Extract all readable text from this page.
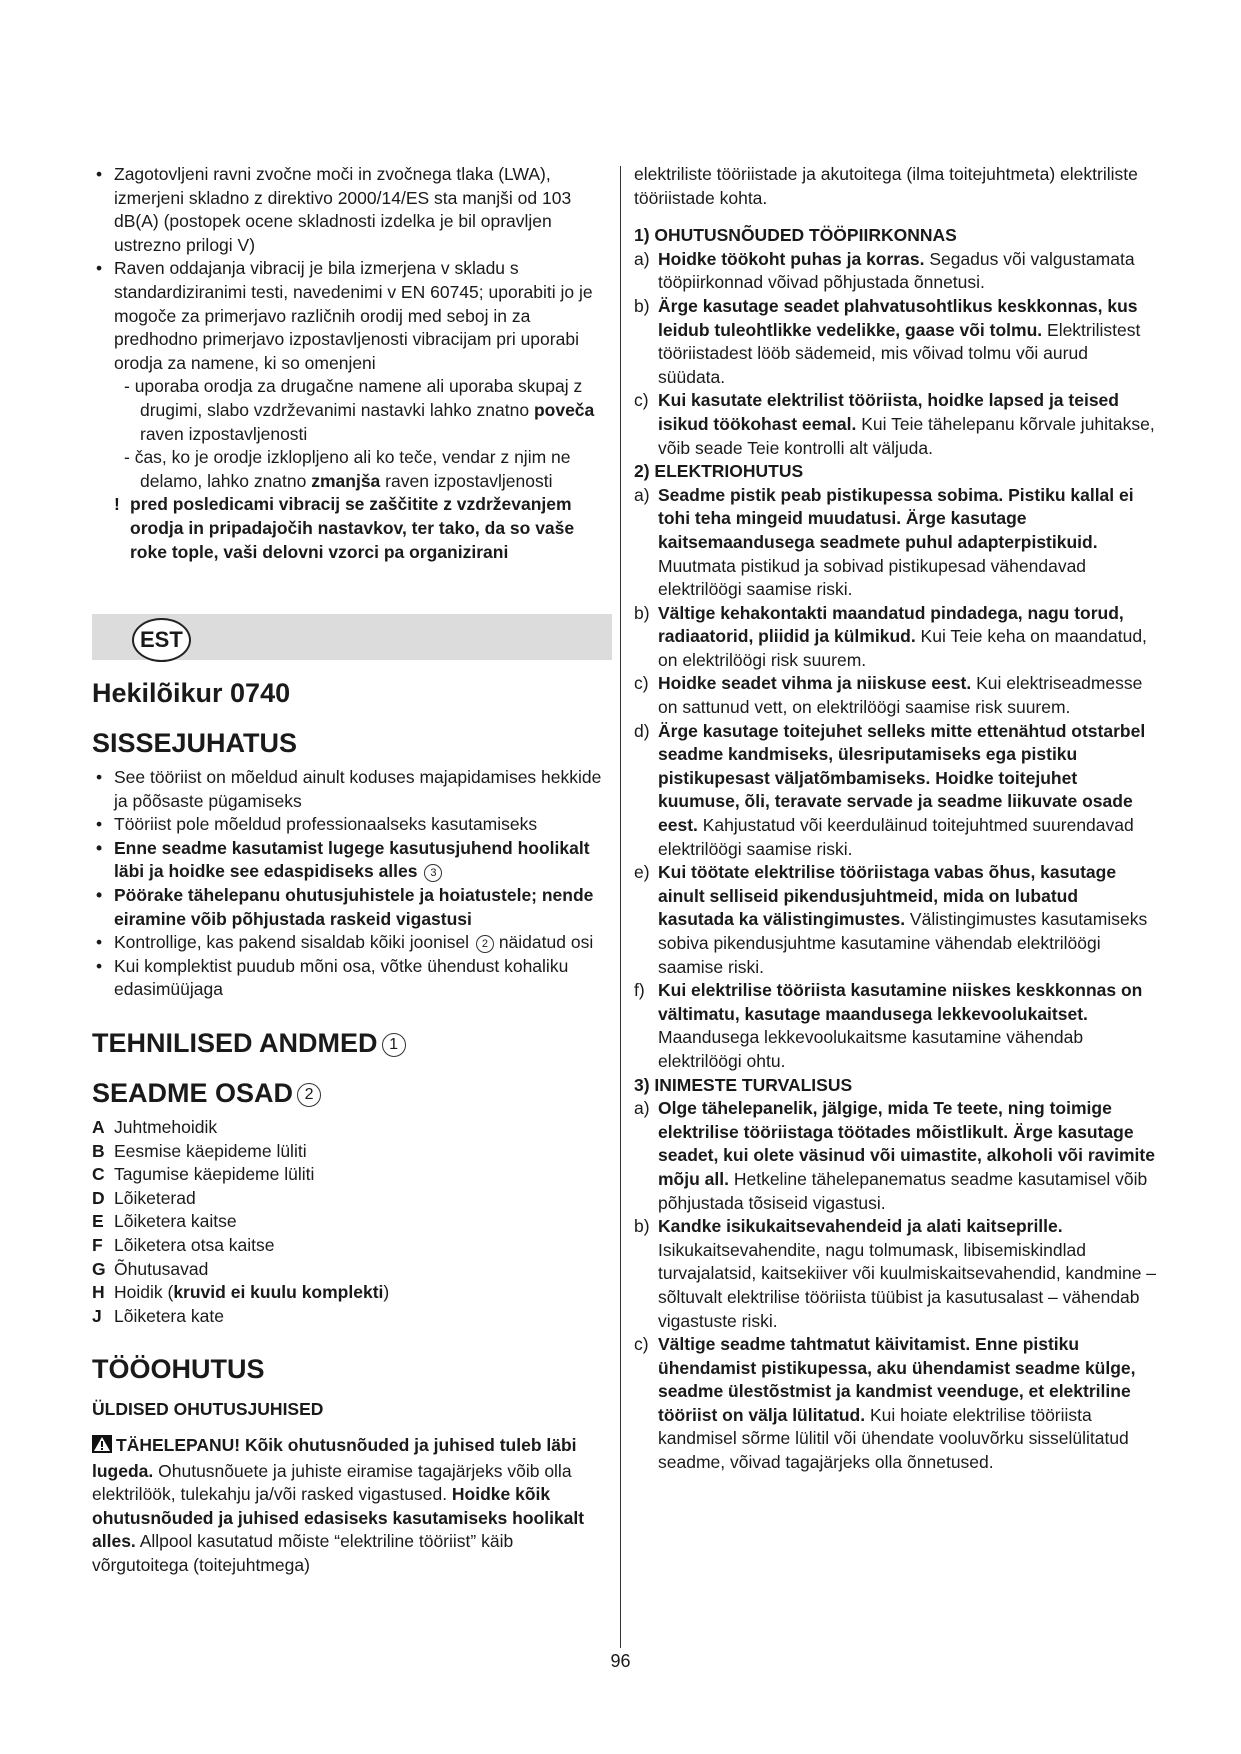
• Zagotovljeni ravni zvočne moči in zvočnega tlaka (LWA), izmerjeni skladno z direktivo 2000/14/ES sta manjši od 103 dB(A) (postopek ocene skladnosti izdelka je bil opravljen ustrezno prilogi V)
• Raven oddajanja vibracij je bila izmerjena v skladu s standardiziranimi testi, navedenimi v EN 60745; uporabiti jo je mogoče za primerjavo različnih orodij med seboj in za predhodno primerjavo izpostavljenosti vibracijam pri uporabi orodja za namene, ki so omenjeni
- uporaba orodja za drugačne namene ali uporaba skupaj z drugimi, slabo vzdrževanimi nastavki lahko znatno poveča raven izpostavljenosti
- čas, ko je orodje izklopljeno ali ko teče, vendar z njim ne delamo, lahko znatno zmanjša raven izpostavljenosti
! pred posledicami vibracij se zaščitite z vzdrževanjem orodja in pripadajočih nastavkov, ter tako, da so vaše roke tople, vaši delovni vzorci pa organizirani
EST
Hekilõikur 0740
SISSEJUHATUS
• See tööriist on mõeldud ainult koduses majapidamises hekkide ja põõsaste pügamiseks
• Tööriist pole mõeldud professionaalseks kasutamiseks
• Enne seadme kasutamist lugege kasutusjuhend hoolikalt läbi ja hoidke see edaspidiseks alles 3
• Pöörake tähelepanu ohutusjuhistele ja hoiatustele; nende eiramine võib põhjustada raskeid vigastusi
• Kontrollige, kas pakend sisaldab kõiki joonisel 2 näidatud osi
• Kui komplektist puudub mõni osa, võtke ühendust kohaliku edasimüüjaga
TEHNILISED ANDMED 1
SEADME OSAD 2
A Juhtmehoidik
B Eesmise käepideme lüliti
C Tagumise käepideme lüliti
D Lõiketerad
E Lõiketera kaitse
F Lõiketera otsa kaitse
G Õhutusavad
H Hoidik (kruvid ei kuulu komplekti)
J Lõiketera kate
TÖÖOHUTUS
ÜLDISED OHUTUSJUHISED
TÄHELEPANU! Kõik ohutusnõuded ja juhised tuleb läbi lugeda. Ohutusnõuete ja juhiste eiramise tagajärjeks võib olla elektrilöök, tulekahju ja/või rasked vigastused. Hoidke kõik ohutusnõuded ja juhised edasiseks kasutamiseks hoolikalt alles. Allpool kasutatud mõiste “elektriline tööriist” käib võrgutoitega (toitejuhtmega)
elektriliste tööriistade ja akutoitega (ilma toitejuhtmeta) elektriliste tööriistade kohta.
1) OHUTUSNÕUDED TÖÖPIIRKONNAS
a) Hoidke töökoht puhas ja korras. Segadus või valgustamata tööpiirkonnad võivad põhjustada õnnetusi.
b) Ärge kasutage seadet plahvatusohtlikus keskkonnas, kus leidub tuleohtlikke vedelikke, gaase või tolmu. Elektrilistest tööriistadest lööb sädemeid, mis võivad tolmu või aurud süüdata.
c) Kui kasutate elektrilist tööriista, hoidke lapsed ja teised isikud töökohast eemal. Kui Teie tähelepanu kõrvale juhitakse, võib seade Teie kontrolli alt väljuda.
2) ELEKTRIOHUTUS
a) Seadme pistik peab pistikupessa sobima. Pistiku kallal ei tohi teha mingeid muudatusi. Ärge kasutage kaitsemaandusega seadmete puhul adapterpistikuid. Muutmata pistikud ja sobivad pistikupesad vähendavad elektrilöögi saamise riski.
b) Vältige kehakontakti maandatud pindadega, nagu torud, radiaatorid, pliidid ja külmikud. Kui Teie keha on maandatud, on elektrilöögi risk suurem.
c) Hoidke seadet vihma ja niiskuse eest. Kui elektriseadmesse on sattunud vett, on elektrilöögi saamise risk suurem.
d) Ärge kasutage toitejuhet selleks mitte ettenähtud otstarbel seadme kandmiseks, ülesriputamiseks ega pistiku pistikupesast väljatõmbamiseks. Hoidke toitejuhet kuumuse, õli, teravate servade ja seadme liikuvate osade eest. Kahjustatud või keerduläinud toitejuhtmed suurendavad elektrilöögi saamise riski.
e) Kui töötate elektrilise tööriistaga vabas õhus, kasutage ainult selliseid pikendusjuhtmeid, mida on lubatud kasutada ka välistingimustes. Välistingimustes kasutamiseks sobiva pikendusjuhtme kasutamine vähendab elektrilöögi saamise riski.
f) Kui elektrilise tööriista kasutamine niiskes keskkonnas on vältimatu, kasutage maandusega lekkevoolukaitset. Maandusega lekkevoolukaitsme kasutamine vähendab elektrilöögi ohtu.
3) INIMESTE TURVALISUS
a) Olge tähelepanelik, jälgige, mida Te teete, ning toimige elektrilise tööriistaga töötades mõistlikult. Ärge kasutage seadet, kui olete väsinud või uimastite, alkoholi või ravimite mõju all. Hetkeline tähelepanematus seadme kasutamisel võib põhjustada tõsiseid vigastusi.
b) Kandke isikukaitsevahendeid ja alati kaitseprille. Isikukaitsevahendite, nagu tolmumask, libisemiskindlad turvajalatsid, kaitsekiiver või kuulmiskaitsevahendid, kandmine – sõltuvalt elektrilise tööriista tüübist ja kasutusalast – vähendab vigastuste riski.
c) Vältige seadme tahtmatut käivitamist. Enne pistiku ühendamist pistikupessa, aku ühendamist seadme külge, seadme ülestõstmist ja kandmist veenduge, et elektriline tööriist on välja lülitatud. Kui hoiate elektrilise tööriista kandmisel sõrme lülitil või ühendate vooluvõrku sisselülitatud seadme, võivad tagajärjeks olla õnnetused.
96
